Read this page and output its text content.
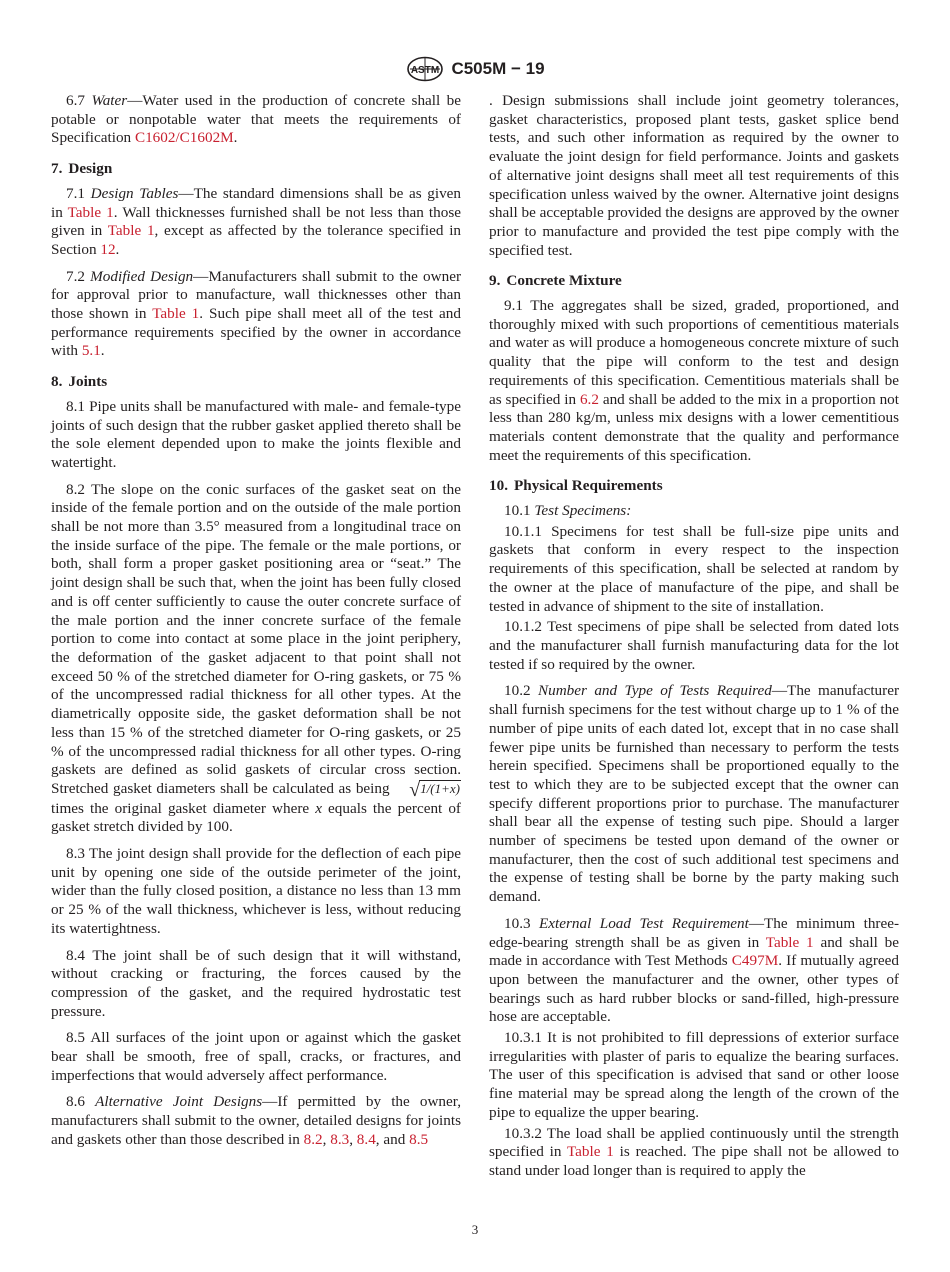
ASTM C505M − 19

6.7 Water—Water used in the production of concrete shall be potable or nonpotable water that meets the requirements of Specification C1602/C1602M.

7. Design

7.1 Design Tables—The standard dimensions shall be as given in Table 1. Wall thicknesses furnished shall be not less than those given in Table 1, except as affected by the tolerance specified in Section 12.

7.2 Modified Design—Manufacturers shall submit to the owner for approval prior to manufacture, wall thicknesses other than those shown in Table 1. Such pipe shall meet all of the test and performance requirements specified by the owner in accordance with 5.1.

8. Joints

8.1 Pipe units shall be manufactured with male- and female-type joints of such design that the rubber gasket applied thereto shall be the sole element depended upon to make the joints flexible and watertight.

8.2 The slope on the conic surfaces of the gasket seat on the inside of the female portion and on the outside of the male portion shall be not more than 3.5° measured from a longitudinal trace on the inside surface of the pipe. The female or the male portions, or both, shall form a proper gasket positioning area or “seat.” The joint design shall be such that, when the joint has been fully closed and is off center sufficiently to cause the outer concrete surface of the male portion and the inner concrete surface of the female portion to come into contact at some place in the joint periphery, the deformation of the gasket adjacent to that point shall not exceed 50 % of the stretched diameter for O-ring gaskets, or 75 % of the uncompressed radial thickness for all other types. At the diametrically opposite side, the gasket deformation shall be not less than 15 % of the stretched diameter for O-ring gaskets, or 25 % of the uncompressed radial thickness for all other types. O-ring gaskets are defined as solid gaskets of circular cross section. Stretched gasket diameters shall be calculated as being √1/(1+x) times the original gasket diameter where x equals the percent of gasket stretch divided by 100.

8.3 The joint design shall provide for the deflection of each pipe unit by opening one side of the outside perimeter of the joint, wider than the fully closed position, a distance no less than 13 mm or 25 % of the wall thickness, whichever is less, without reducing its watertightness.

8.4 The joint shall be of such design that it will withstand, without cracking or fracturing, the forces caused by the compression of the gasket, and the required hydrostatic test pressure.

8.5 All surfaces of the joint upon or against which the gasket bear shall be smooth, free of spall, cracks, or fractures, and imperfections that would adversely affect performance.

8.6 Alternative Joint Designs—If permitted by the owner, manufacturers shall submit to the owner, detailed designs for joints and gaskets other than those described in 8.2, 8.3, 8.4, and 8.5

. Design submissions shall include joint geometry tolerances, gasket characteristics, proposed plant tests, gasket splice bend tests, and such other information as required by the owner to evaluate the joint design for field performance. Joints and gaskets of alternative joint designs shall meet all test requirements of this specification unless waived by the owner. Alternative joint designs shall be acceptable provided the designs are approved by the owner prior to manufacture and provided the test pipe comply with the specified test.

9. Concrete Mixture

9.1 The aggregates shall be sized, graded, proportioned, and thoroughly mixed with such proportions of cementitious materials and water as will produce a homogeneous concrete mixture of such quality that the pipe will conform to the test and design requirements of this specification. Cementitious materials shall be as specified in 6.2 and shall be added to the mix in a proportion not less than 280 kg/m, unless mix designs with a lower cementitious materials content demonstrate that the quality and performance meet the requirements of this specification.

10. Physical Requirements

10.1 Test Specimens:

10.1.1 Specimens for test shall be full-size pipe units and gaskets that conform in every respect to the inspection requirements of this specification, shall be selected at random by the owner at the place of manufacture of the pipe, and shall be tested in advance of shipment to the site of installation.

10.1.2 Test specimens of pipe shall be selected from dated lots and the manufacturer shall furnish manufacturing data for the lot tested if so required by the owner.

10.2 Number and Type of Tests Required—The manufacturer shall furnish specimens for the test without charge up to 1 % of the number of pipe units of each dated lot, except that in no case shall fewer pipe units be furnished than necessary to perform the tests herein specified. Specimens shall be proportioned equally to the test to which they are to be subjected except that the owner can specify different proportions prior to purchase. The manufacturer shall bear all the expense of testing such pipe. Should a larger number of specimens be tested upon demand of the owner or manufacturer, then the cost of such additional test specimens and the expense of testing shall be borne by the party making such demand.

10.3 External Load Test Requirement—The minimum three-edge-bearing strength shall be as given in Table 1 and shall be made in accordance with Test Methods C497M. If mutually agreed upon between the manufacturer and the owner, other types of bearings such as hard rubber blocks or sand-filled, high-pressure hose are acceptable.

10.3.1 It is not prohibited to fill depressions of exterior surface irregularities with plaster of paris to equalize the bearing surfaces. The user of this specification is advised that sand or other loose fine material may be spread along the length of the crown of the pipe to equalize the upper bearing.

10.3.2 The load shall be applied continuously until the strength specified in Table 1 is reached. The pipe shall not be allowed to stand under load longer than is required to apply the

3
